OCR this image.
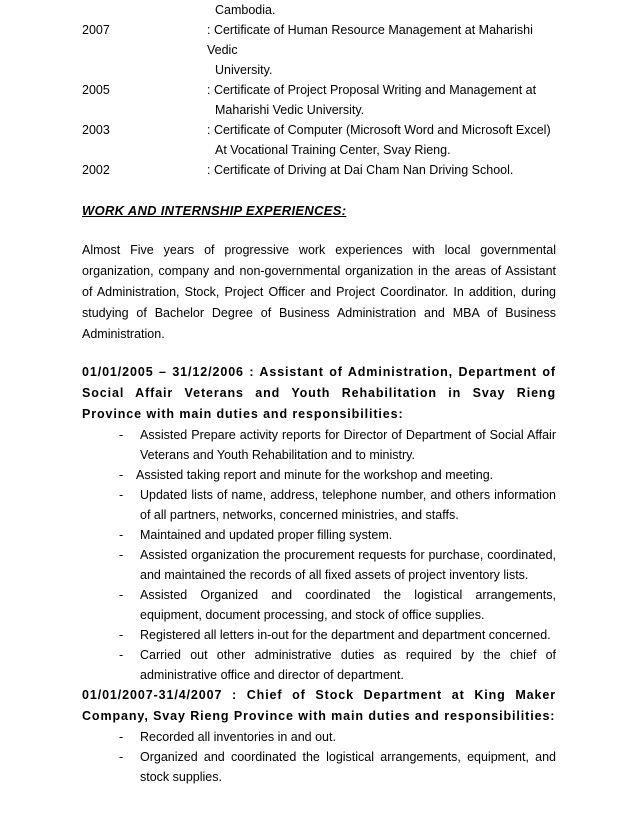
Cambodia.
2007	: Certificate of Human Resource Management at Maharishi Vedic
University.
2005	: Certificate of Project Proposal Writing and Management at
Maharishi Vedic University.
2003	: Certificate of Computer (Microsoft Word and Microsoft Excel)
At Vocational Training Center, Svay Rieng.
2002	: Certificate of Driving at Dai Cham Nan Driving School.
WORK AND INTERNSHIP EXPERIENCES:
Almost Five years of progressive work experiences with local governmental organization, company and non-governmental organization in the areas of Assistant of Administration, Stock, Project Officer and Project Coordinator. In addition, during studying of Bachelor Degree of Business Administration and MBA of Business Administration.
01/01/2005 – 31/12/2006 : Assistant of Administration, Department of Social Affair Veterans and Youth Rehabilitation in Svay Rieng Province with main duties and responsibilities:
- Assisted Prepare activity reports for Director of Department of Social Affair Veterans and Youth Rehabilitation and to ministry.
- Assisted taking report and minute for the workshop and meeting.
- Updated lists of name, address, telephone number, and others information of all partners, networks, concerned ministries, and staffs.
- Maintained and updated proper filling system.
- Assisted organization the procurement requests for purchase, coordinated, and maintained the records of all fixed assets of project inventory lists.
- Assisted Organized and coordinated the logistical arrangements, equipment, document processing, and stock of office supplies.
- Registered all letters in-out for the department and department concerned.
- Carried out other administrative duties as required by the chief of administrative office and director of department.
01/01/2007-31/4/2007 : Chief of Stock Department at King Maker Company, Svay Rieng Province with main duties and responsibilities:
- Recorded all inventories in and out.
- Organized and coordinated the logistical arrangements, equipment, and stock supplies.
